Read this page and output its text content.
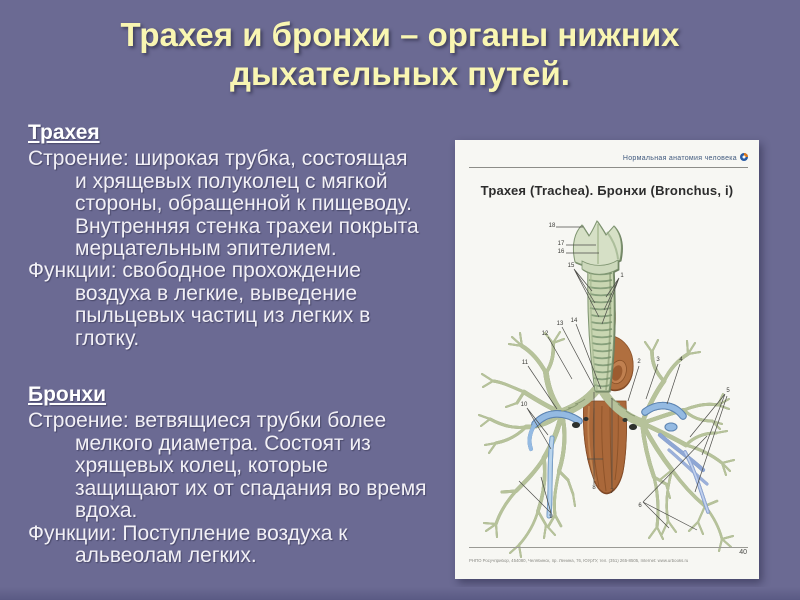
Трахея и бронхи – органы нижних
дыхательных путей.
Трахея
Строение: широкая трубка, состоящая
и хрящевых полуколец с мягкой
стороны, обращенной к пищеводу.
Внутренняя стенка трахеи покрыта
мерцательным эпителием.
Функции: свободное прохождение
воздуха в легкие, выведение
пыльцевых частиц из легких в
глотку.
Бронхи
Строение: ветвящиеся трубки более
мелкого диаметра. Состоят из
хрящевых колец, которые
защищают их от спадания во время
вдоха.
Функции: Поступление воздуха к
альвеолам легких.
Нормальная анатомия человека
Трахея (Trachea). Бронхи (Bronchus, i)
18
17
16
15
1
13 14
12
11
10
2	3	4
5
9
6
8
7
РНПО Росучприбор, 454080, Челябинск, пр. Ленина, 76, ЮУрГУ, тел. (351) 265-8505, Internet: www.urbooks.ru
40
